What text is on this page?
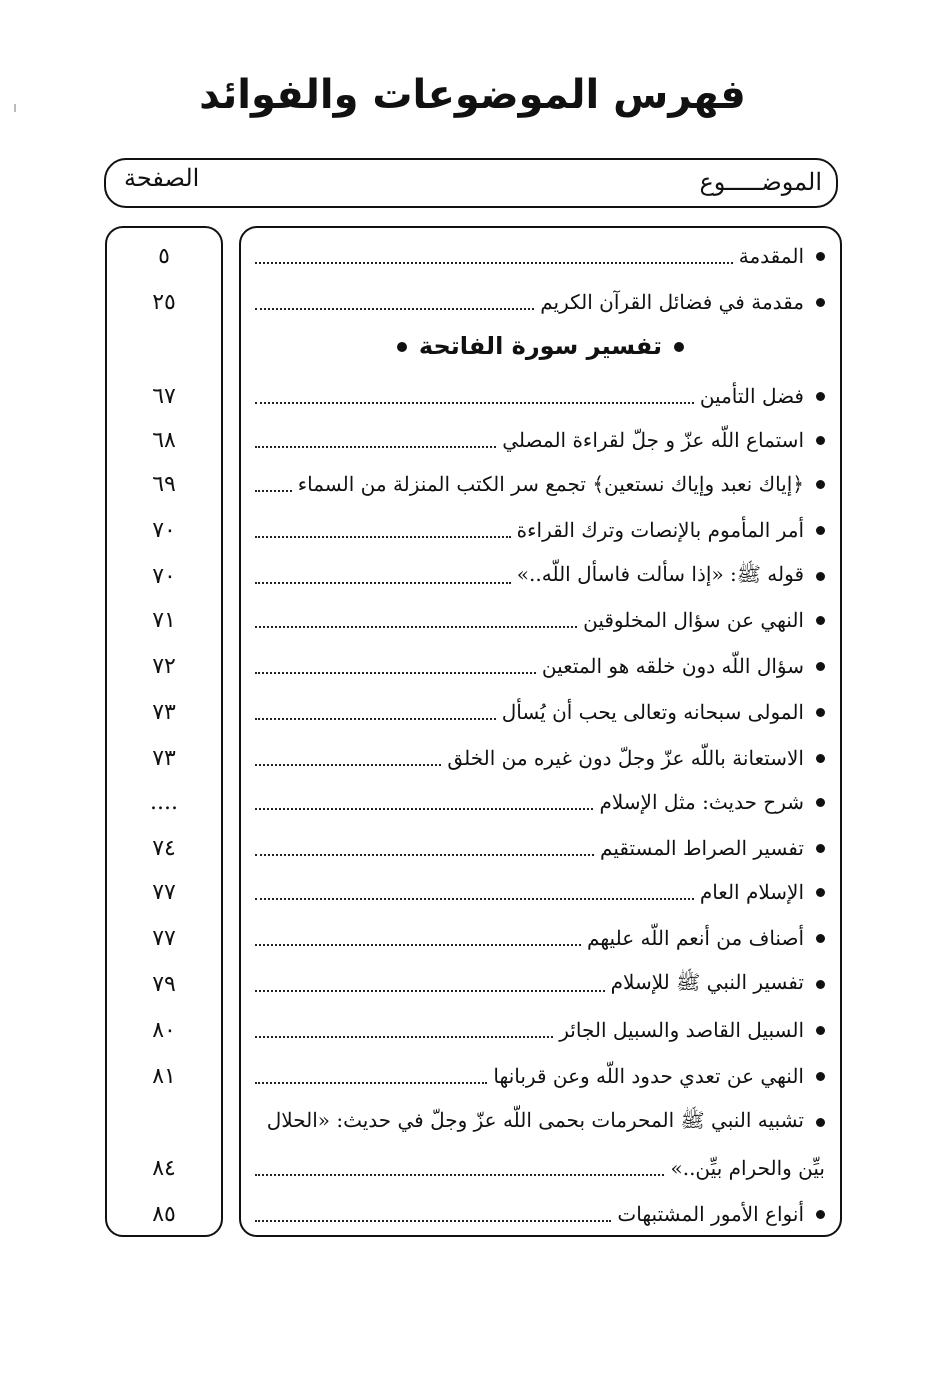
فهرس الموضوعات والفوائد
الموضـــــوع
الصفحة
المقدمة
٥
مقدمة في فضائل القرآن الكريم
٢٥
تفسير سورة الفاتحة
فضل التأمين
٦٧
استماع اللّه عزّ و جلّ لقراءة المصلي
٦٨
﴿إياك نعبد وإياك نستعين﴾ تجمع سر الكتب المنزلة من السماء
٦٩
أمر المأموم بالإنصات وترك القراءة
٧٠
قوله ﷺ: «إذا سألت فاسأل اللّه..»
٧٠
النهي عن سؤال المخلوقين
٧١
سؤال اللّه دون خلقه هو المتعين
٧٢
المولى سبحانه وتعالى يحب أن يُسأل
٧٣
الاستعانة باللّه عزّ وجلّ دون غيره من الخلق
٧٣
شرح حديث: مثل الإسلام
....
تفسير الصراط المستقيم
٧٤
الإسلام العام
٧٧
أصناف من أنعم اللّه عليهم
٧٧
تفسير النبي ﷺ للإسلام
٧٩
السبيل القاصد والسبيل الجائر
٨٠
النهي عن تعدي حدود اللّه وعن قربانها
٨١
تشبيه النبي ﷺ المحرمات بحمى اللّه عزّ وجلّ في حديث: «الحلال
بيِّن والحرام بيِّن..»
٨٤
أنواع الأمور المشتبهات
٨٥
